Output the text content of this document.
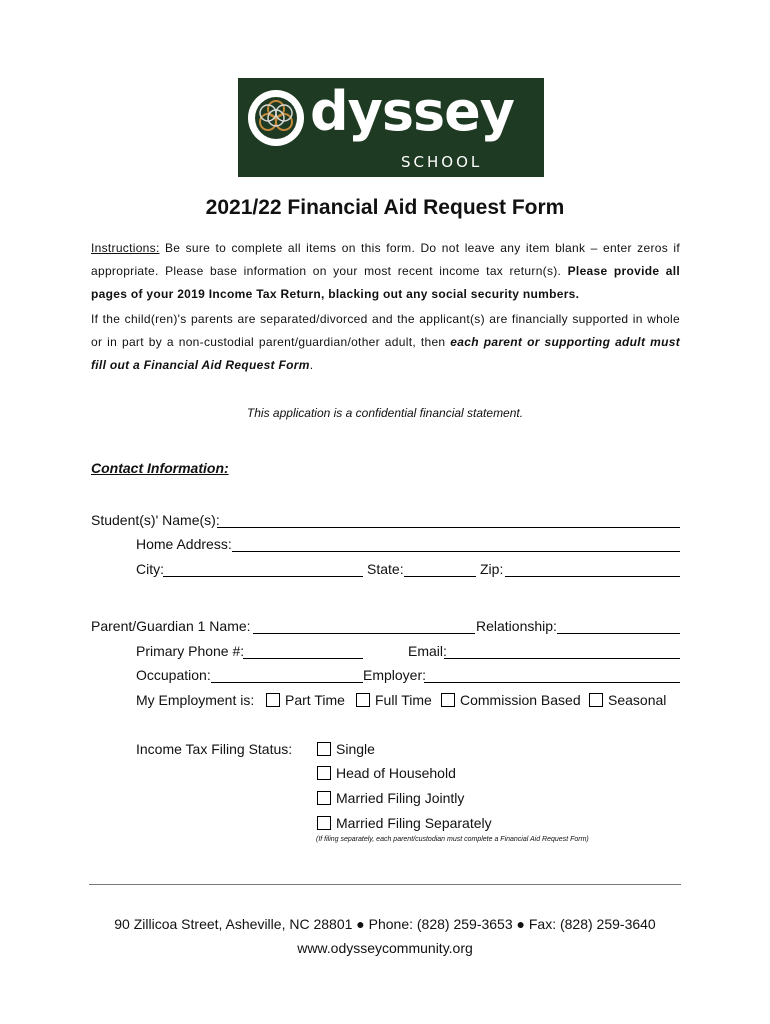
dyssey
SCHOOL
2021/22 Financial Aid Request Form
Instructions: Be sure to complete all items on this form. Do not leave any item blank – enter zeros if appropriate. Please base information on your most recent income tax return(s). Please provide all pages of your 2019 Income Tax Return, blacking out any social security numbers.
If the child(ren)'s parents are separated/divorced and the applicant(s) are financially supported in whole or in part by a non-custodial parent/guardian/other adult, then each parent or supporting adult must fill out a Financial Aid Request Form.
This application is a confidential financial statement.
Contact Information:
Student(s)' Name(s):
Home Address:
City:	State:	Zip:
Parent/Guardian 1 Name:	Relationship:
Primary Phone #:	Email:
Occupation:	Employer:
My Employment is:	Part Time	Full Time	Commission Based	Seasonal
Income Tax Filing Status:	Single
Head of Household
Married Filing Jointly
Married Filing Separately
(If filing separately, each parent/custodian must complete a Financial Aid Request Form)
90 Zillicoa Street, Asheville, NC 28801 ● Phone: (828) 259-3653 ● Fax: (828) 259-3640
www.odysseycommunity.org
